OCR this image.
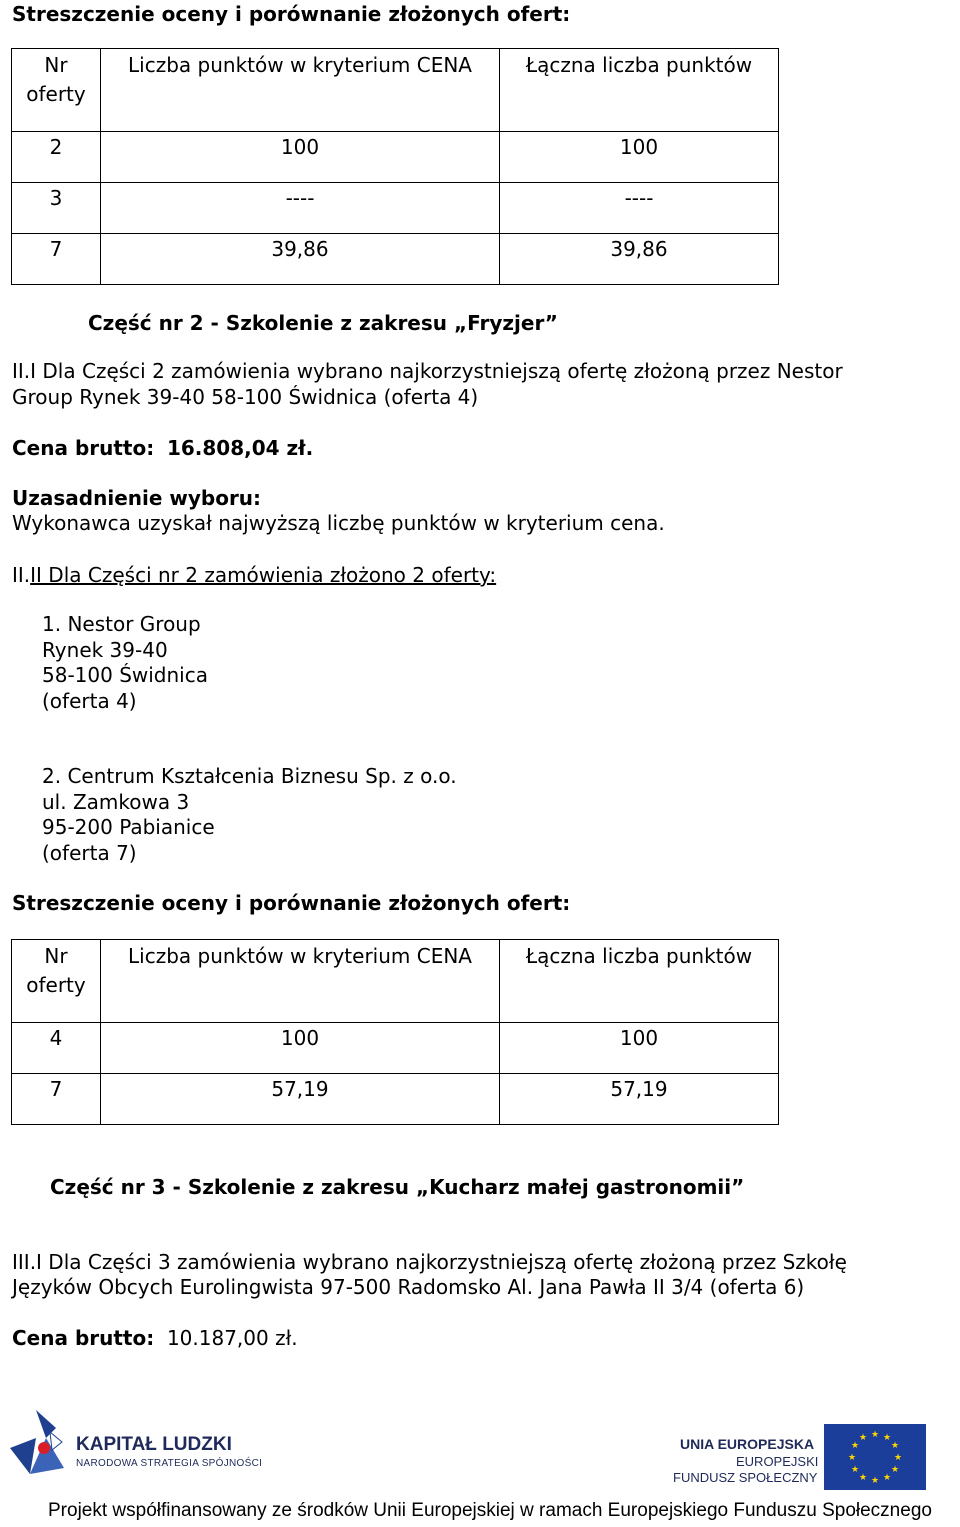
Streszczenie oceny i porównanie złożonych ofert:
Nr
oferty	Liczba punktów w kryterium CENA	Łączna liczba punktów
2	100	100
3	----	----
7	39,86	39,86
Część nr 2 - Szkolenie z zakresu „Fryzjer”
II.I Dla Części 2 zamówienia wybrano najkorzystniejszą ofertę złożoną przez Nestor
Group Rynek 39-40 58-100 Świdnica (oferta 4)
Cena brutto: 16.808,04 zł.
Uzasadnienie wyboru:
Wykonawca uzyskał najwyższą liczbę punktów w kryterium cena.
II.II Dla Części nr 2 zamówienia złożono 2 oferty:
1. Nestor Group
Rynek 39-40
58-100 Świdnica
(oferta 4)
2. Centrum Kształcenia Biznesu Sp. z o.o.
ul. Zamkowa 3
95-200 Pabianice
(oferta 7)
Streszczenie oceny i porównanie złożonych ofert:
Nr
oferty	Liczba punktów w kryterium CENA	Łączna liczba punktów
4	100	100
7	57,19	57,19
Część nr 3 - Szkolenie z zakresu „Kucharz małej gastronomii”
III.I Dla Części 3 zamówienia wybrano najkorzystniejszą ofertę złożoną przez Szkołę
Języków Obcych Eurolingwista 97-500 Radomsko Al. Jana Pawła II 3/4 (oferta 6)
Cena brutto: 10.187,00 zł.
KAPITAŁ LUDZKI
NARODOWA STRATEGIA SPÓJNOŚCI
UNIA EUROPEJSKA
EUROPEJSKI
FUNDUSZ SPOŁECZNY
★ ★
★
★
★
★
★
★
★
★
★
★
Projekt współfinansowany ze środków Unii Europejskiej w ramach Europejskiego Funduszu Społecznego
